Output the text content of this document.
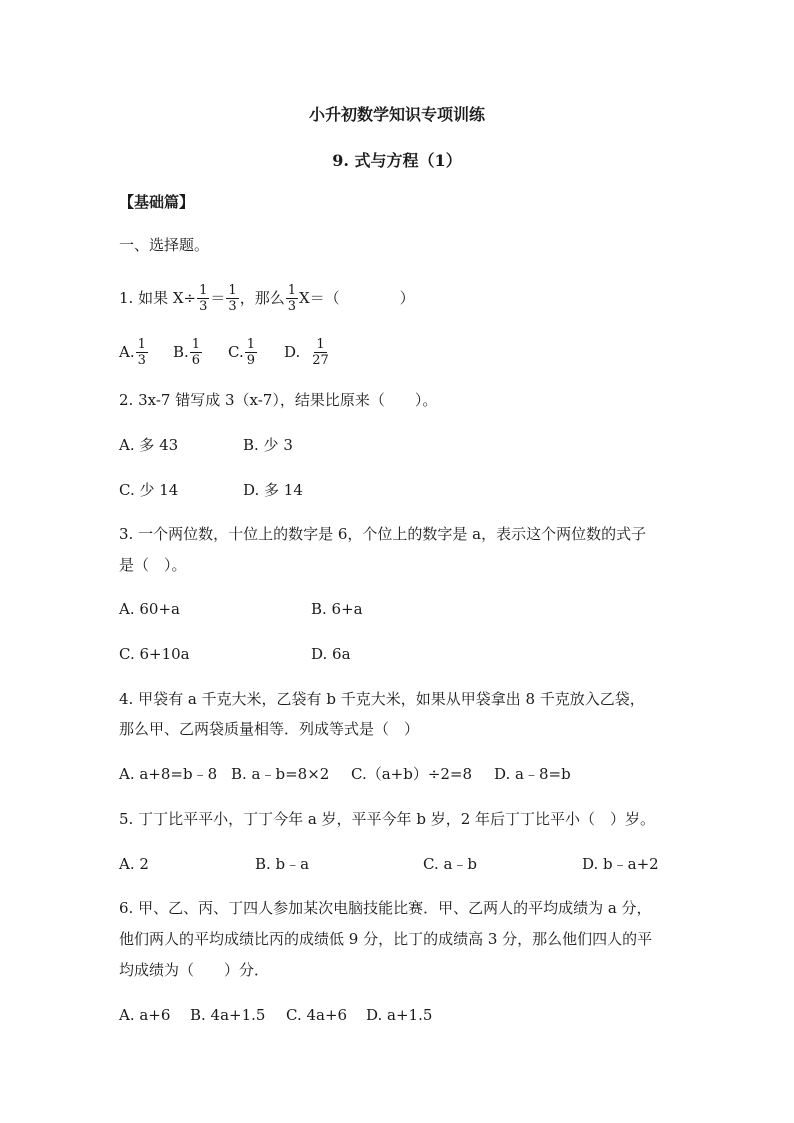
小升初数学知识专项训练
9. 式与方程（1）
【基础篇】
一、选择题。
1. 如果 $X\div \frac{1}{3} = \frac{1}{3}$ ，那么 $\frac{1}{3} X=$（　　　　）
A. $\frac{1}{3} B$. $\frac{1}{6} C$. $\frac{1}{9} D$. $\frac{1}{27}$
2. 3x-7 错写成 3（x-7），结果比原来（　　）。
A. 多 43	B. 少 3
C. 少 14	D. 多 14
3. 一个两位数，十位上的数字是 6，个位上的数字是 a，表示这个两位数的式子
是（　）。
A. 60+a	B. 6+a
C. 6+10a	D. 6a
4. 甲袋有 a 千克大米，乙袋有 b 千克大米，如果从甲袋拿出 8 千克放入乙袋，
那么甲、乙两袋质量相等．列成等式是（　）
A. a+8=b﹣8 B. a﹣b=8×2 C.（a+b）÷2=8 D. a﹣8=b
5. 丁丁比平平小，丁丁今年 a 岁，平平今年 b 岁，2 年后丁丁比平小（　）岁。
A. 2	B. b﹣a	C. a﹣b	D. b﹣a+2
6. 甲、乙、丙、丁四人参加某次电脑技能比赛．甲、乙两人的平均成绩为 a 分，
他们两人的平均成绩比丙的成绩低 9 分，比丁的成绩高 3 分，那么他们四人的平
均成绩为（　　）分．
A. a+6 B. 4a+1.5 C. 4a+6 D. a+1.5
